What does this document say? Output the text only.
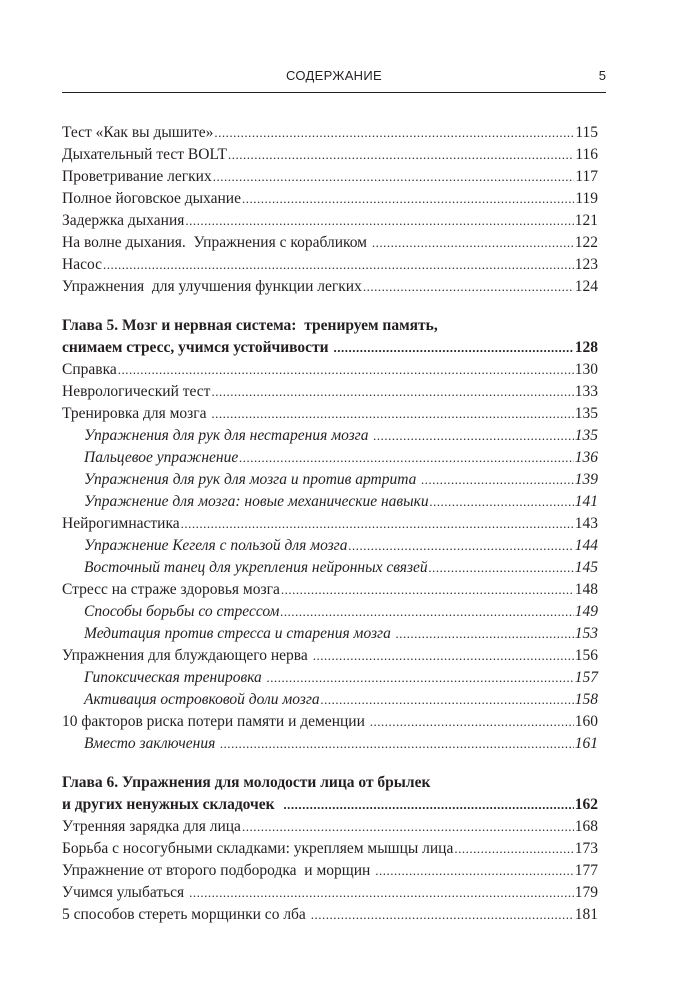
СОДЕРЖАНИЕ	5
Тест «Как вы дышите» .....	115
Дыхательный тест BOLT .....	116
Проветривание легких .....	117
Полное йоговское дыхание .....	119
Задержка дыхания .....	121
На волне дыхания.  Упражнения с корабликом .....	122
Насос .....	123
Упражнения  для улучшения функции легких .....	124
Глава 5. Мозг и нервная система:  тренируем память,
снимаем стресс, учимся устойчивости .....	128
Справка .....	130
Неврологический тест .....	133
Тренировка для мозга .....	135
Упражнения для рук для нестарения мозга .....	135
Пальцевое упражнение .....	136
Упражнения для рук для мозга и против артрита .....	139
Упражнение для мозга: новые механические навыки .....	141
Нейрогимнастика .....	143
Упражнение Кегеля с пользой для мозга .....	144
Восточный танец для укрепления нейронных связей .....	145
Стресс на страже здоровья мозга .....	148
Способы борьбы со стрессом .....	149
Медитация против стресса и старения мозга .....	153
Упражнения для блуждающего нерва .....	156
Гипоксическая тренировка .....	157
Активация островковой доли мозга .....	158
10 факторов риска потери памяти и деменции .....	160
Вместо заключения .....	161
Глава 6. Упражнения для молодости лица от брылек
и других ненужных складочек .....	162
Утренняя зарядка для лица .....	168
Борьба с носогубными складками: укрепляем мышцы лица .....	173
Упражнение от второго подбородка  и морщин .....	177
Учимся улыбаться .....	179
5 способов стереть морщинки со лба .....	181
